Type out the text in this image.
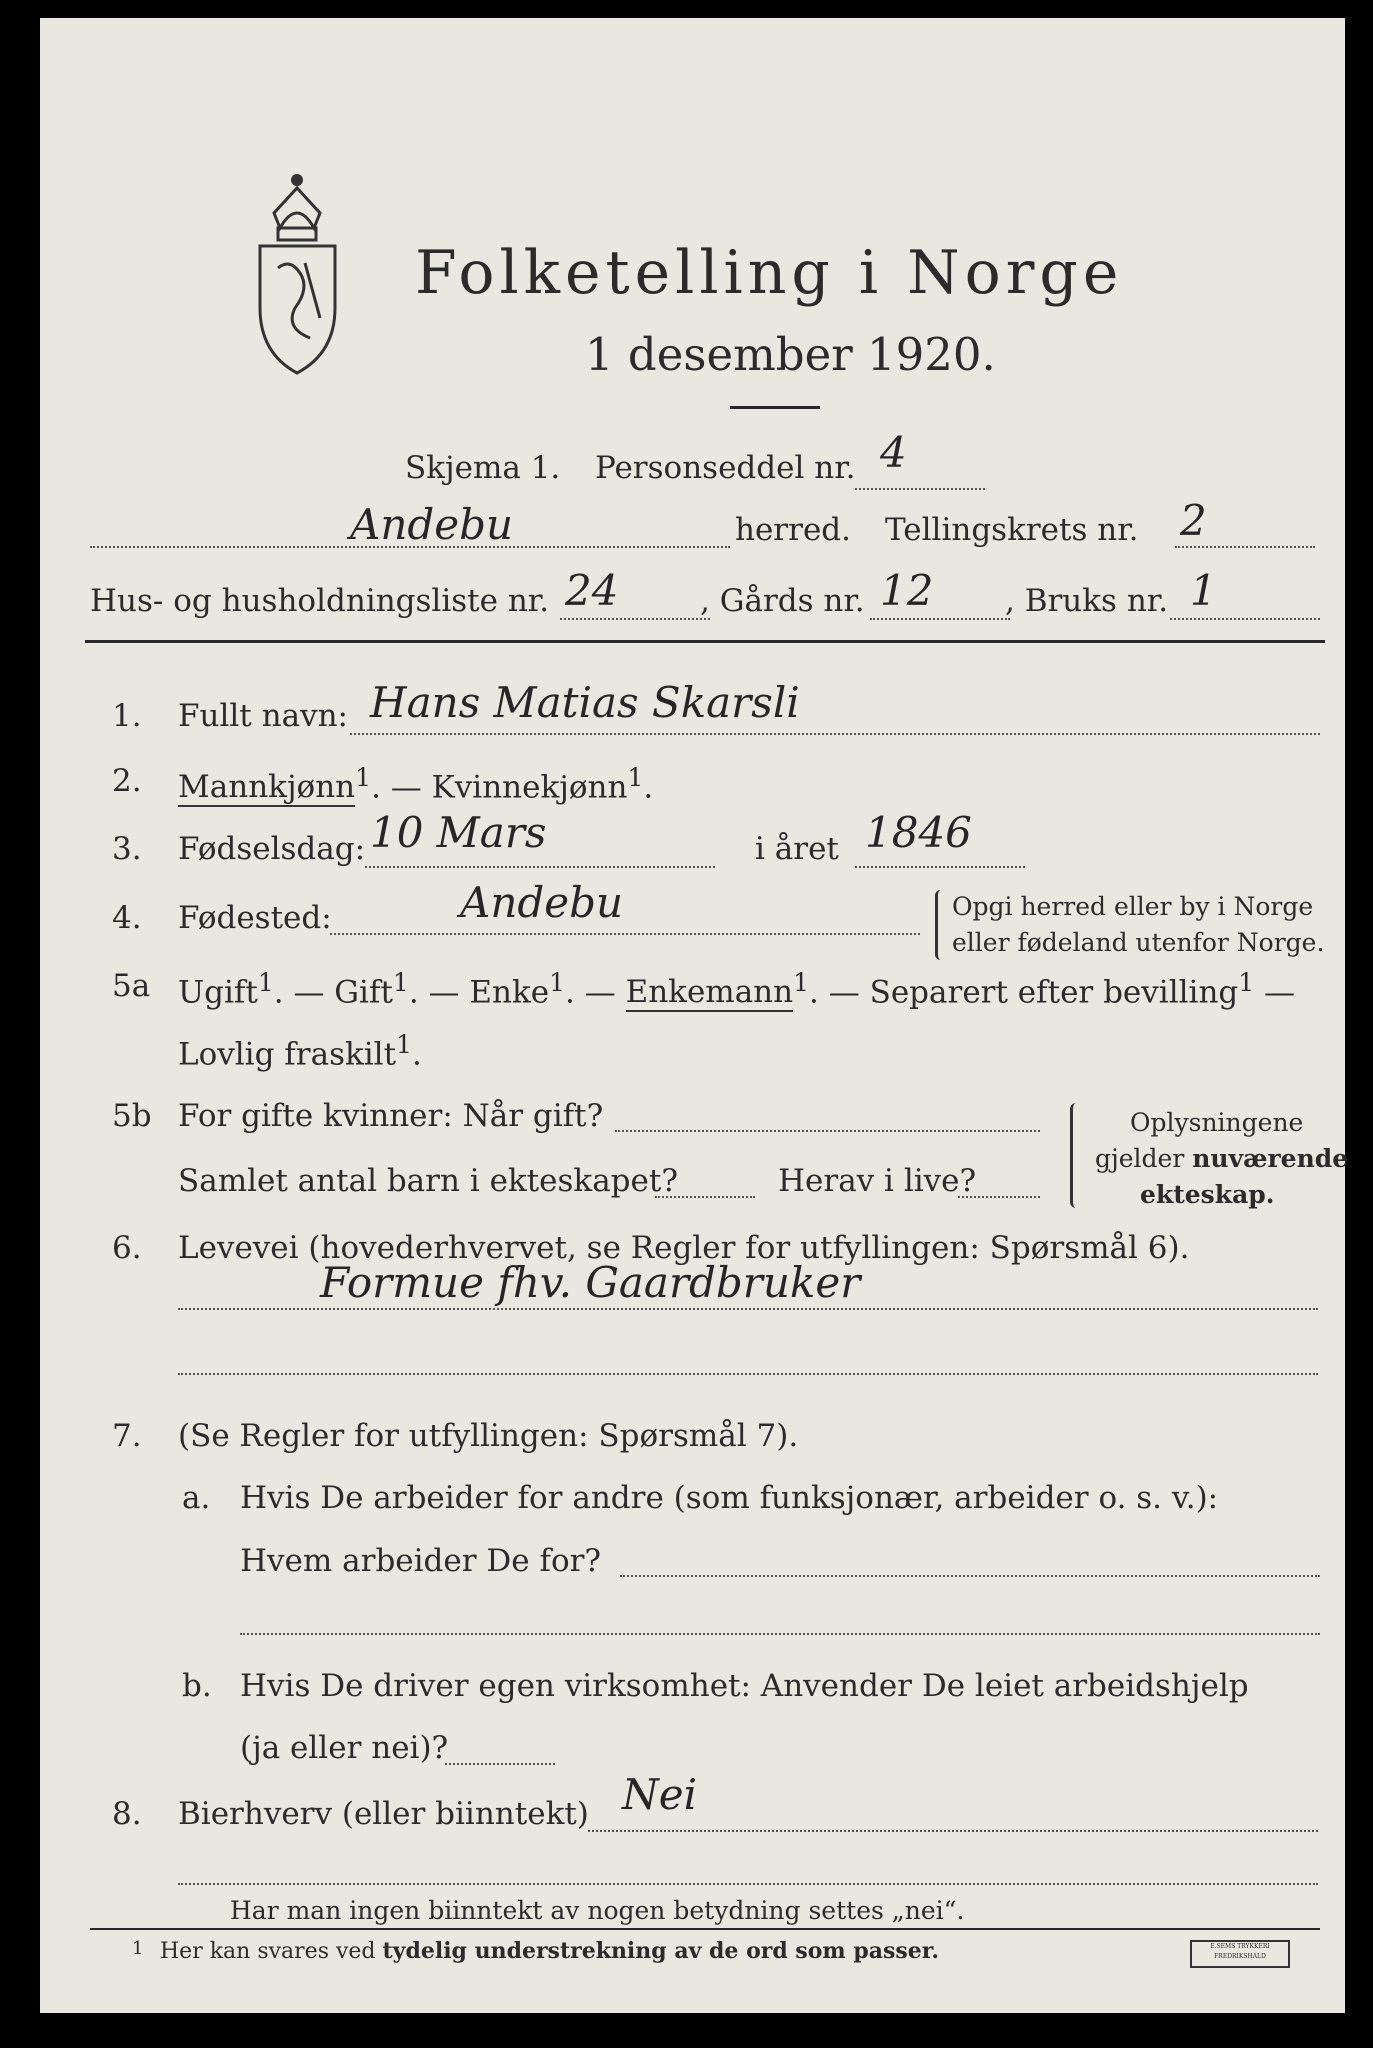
Folketelling i Norge
1 desember 1920.
Skjema 1. Personseddel nr. 4
Andebu	herred. Tellingskrets nr. 2
Hus- og husholdningsliste nr. 24	, Gårds nr. 12 , Bruks nr. 1
1. Fullt navn: Hans Matias Skarsli
2. Mannkjønn$^1$. — Kvinnekjønn$^1$.
3. Fødselsdag: 10 Mars	i året 1846
4. Fødested:	Andebu	Opgi herred eller by i Norge
eller fødeland utenfor Norge.
5a Ugift$^1$. — Gift$^1$. — Enke$^1$. — Enkemann$^1$. — Separert efter bevilling$^1$ —
Lovlig fraskilt$^1$.
5b For gifte kvinner: Når gift?
Samlet antal barn i ekteskapet?	Herav i live?
Oplysningene
gjelder nuværende
ekteskap.
6. Levevei (hovederhvervet, se Regler for utfyllingen: Spørsmål 6).
Formue fhv. Gaardbruker
7. (Se Regler for utfyllingen: Spørsmål 7).
a. Hvis De arbeider for andre (som funksjonær, arbeider o. s. v.):
Hvem arbeider De for?
b. Hvis De driver egen virksomhet: Anvender De leiet arbeidshjelp
(ja eller nei)?
8. Bierhverv (eller biinntekt) Nei
Har man ingen biinntekt av nogen betydning settes „nei“.
1 Her kan svares ved tydelig understrekning av de ord som passer.	E.SEMS TRYKKERI FREDRIKSHALD
